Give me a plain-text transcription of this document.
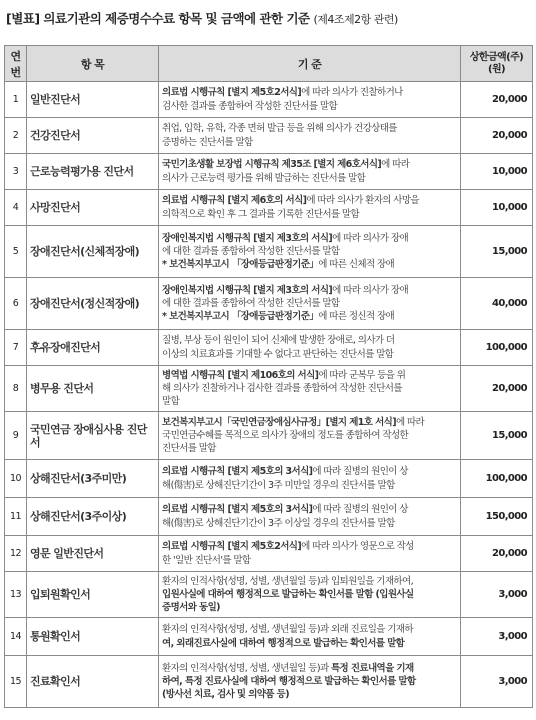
[별표] 의료기관의 제증명수수료 항목 및 금액에 관한 기준 (제4조제2항 관련)
연번	항 목	기 준	상한금액(주)
(원)

1	일반진단서	의료법 시행규칙 [별지 제5호2서식]에 따라 의사가 진찰하거나
검사한 결과를 종합하여 작성한 진단서를 말함	20,000
2	건강진단서	취업, 입학, 유학, 각종 면허 발급 등을 위해 의사가 건강상태를
증명하는 진단서를 말함	20,000
3	근로능력평가용 진단서	국민기초생활 보장법 시행규칙 제35조 [별지 제6호서식]에 따라
의사가 근로능력 평가를 위해 발급하는 진단서를 말함	10,000
4	사망진단서	의료법 시행규칙 [별지 제6호의 서식]에 따라 의사가 환자의 사망을
의학적으로 확인 후 그 결과를 기록한 진단서를 말함	10,000
5	장애진단서(신체적장애)	장애인복지법 시행규칙 [별지 제3호의 서식]에 따라 의사가 장애
에 대한 결과를 종합하여 작성한 진단서를 말함
* 보건복지부고시 「장애등급판정기준」에 따른 신체적 장애	15,000
6	장애진단서(정신적장애)	장애인복지법 시행규칙 [별지 제3호의 서식]에 따라 의사가 장애
에 대한 결과를 종합하여 작성한 진단서를 말함
* 보건복지부고시 「장애등급판정기준」에 따른 정신적 장애	40,000
7	후유장애진단서	질병, 부상 등이 원인이 되어 신체에 발생한 장애로, 의사가 더
이상의 치료효과를 기대할 수 없다고 판단하는 진단서를 말함	100,000
8	병무용 진단서	병역법 시행규칙 [별지 제106호의 서식]에 따라 군복무 등을 위
해 의사가 진찰하거나 검사한 결과를 종합하여 작성한 진단서를
말함	20,000
9	국민연금 장애심사용 진단서	보건복지부고시「국민연금장애심사규정」[별지 제1호 서식]에 따라
국민연금수혜를 목적으로 의사가 장애의 정도를 종합하여 작성한
진단서를 말함	15,000
10	상해진단서(3주미만)	의료법 시행규칙 [별지 제5호의 3서식]에 따라 질병의 원인이 상
해(傷害)로 상해진단기간이 3주 미만일 경우의 진단서를 말함	100,000
11	상해진단서(3주이상)	의료법 시행규칙 [별지 제5호의 3서식]에 따라 질병의 원인이 상
해(傷害)로 상해진단기간이 3주 이상일 경우의 진단서를 말함	150,000
12	영문 일반진단서	의료법 시행규칙 [별지 제5호2서식]에 따라 의사가 영문으로 작성
한 '일반 진단서'를 말함	20,000
13	입퇴원확인서	환자의 인적사항(성명, 성별, 생년월일 등)과 입퇴원일을 기재하여,
입원사실에 대하여 행정적으로 발급하는 확인서를 말함 (입원사실
증명서와 동일)	3,000
14	통원확인서	환자의 인적사항(성명, 성별, 생년월일 등)과 외래 진료일을 기재하
여, 외래진료사실에 대하여 행정적으로 발급하는 확인서를 말함	3,000
15	진료확인서	환자의 인적사항(성명, 성별, 생년월일 등)과 특정 진료내역을 기재
하여, 특정 진료사실에 대하여 행정적으로 발급하는 확인서를 말함
(방사선 치료, 검사 및 의약품 등)	3,000
